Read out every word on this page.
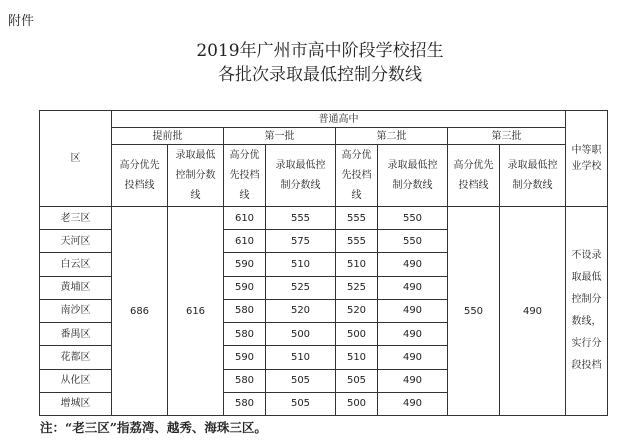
附件
2019年广州市高中阶段学校招生
各批次录取最低控制分数线
区	普通高中								中等职业学校
	提前批		第一批		第二批		第三批		
	高分优先投档线	录取最低控制分数线	高分优先投档线	录取最低控制分数线	高分优先投档线	录取最低控制分数线	高分优先投档线	录取最低控制分数线	
老三区	686	616	610	555	555	550	550	490	不设录取最低控制分数线，实行分段投档
天河区			610	575	555	550			
白云区			590	510	510	490			
黄埔区			590	525	525	490			
南沙区			580	520	520	490			
番禺区			580	500	500	490			
花都区			590	510	510	490			
从化区			580	505	505	490			
增城区			580	505	500	490			
注：“老三区”指荔湾、越秀、海珠三区。
